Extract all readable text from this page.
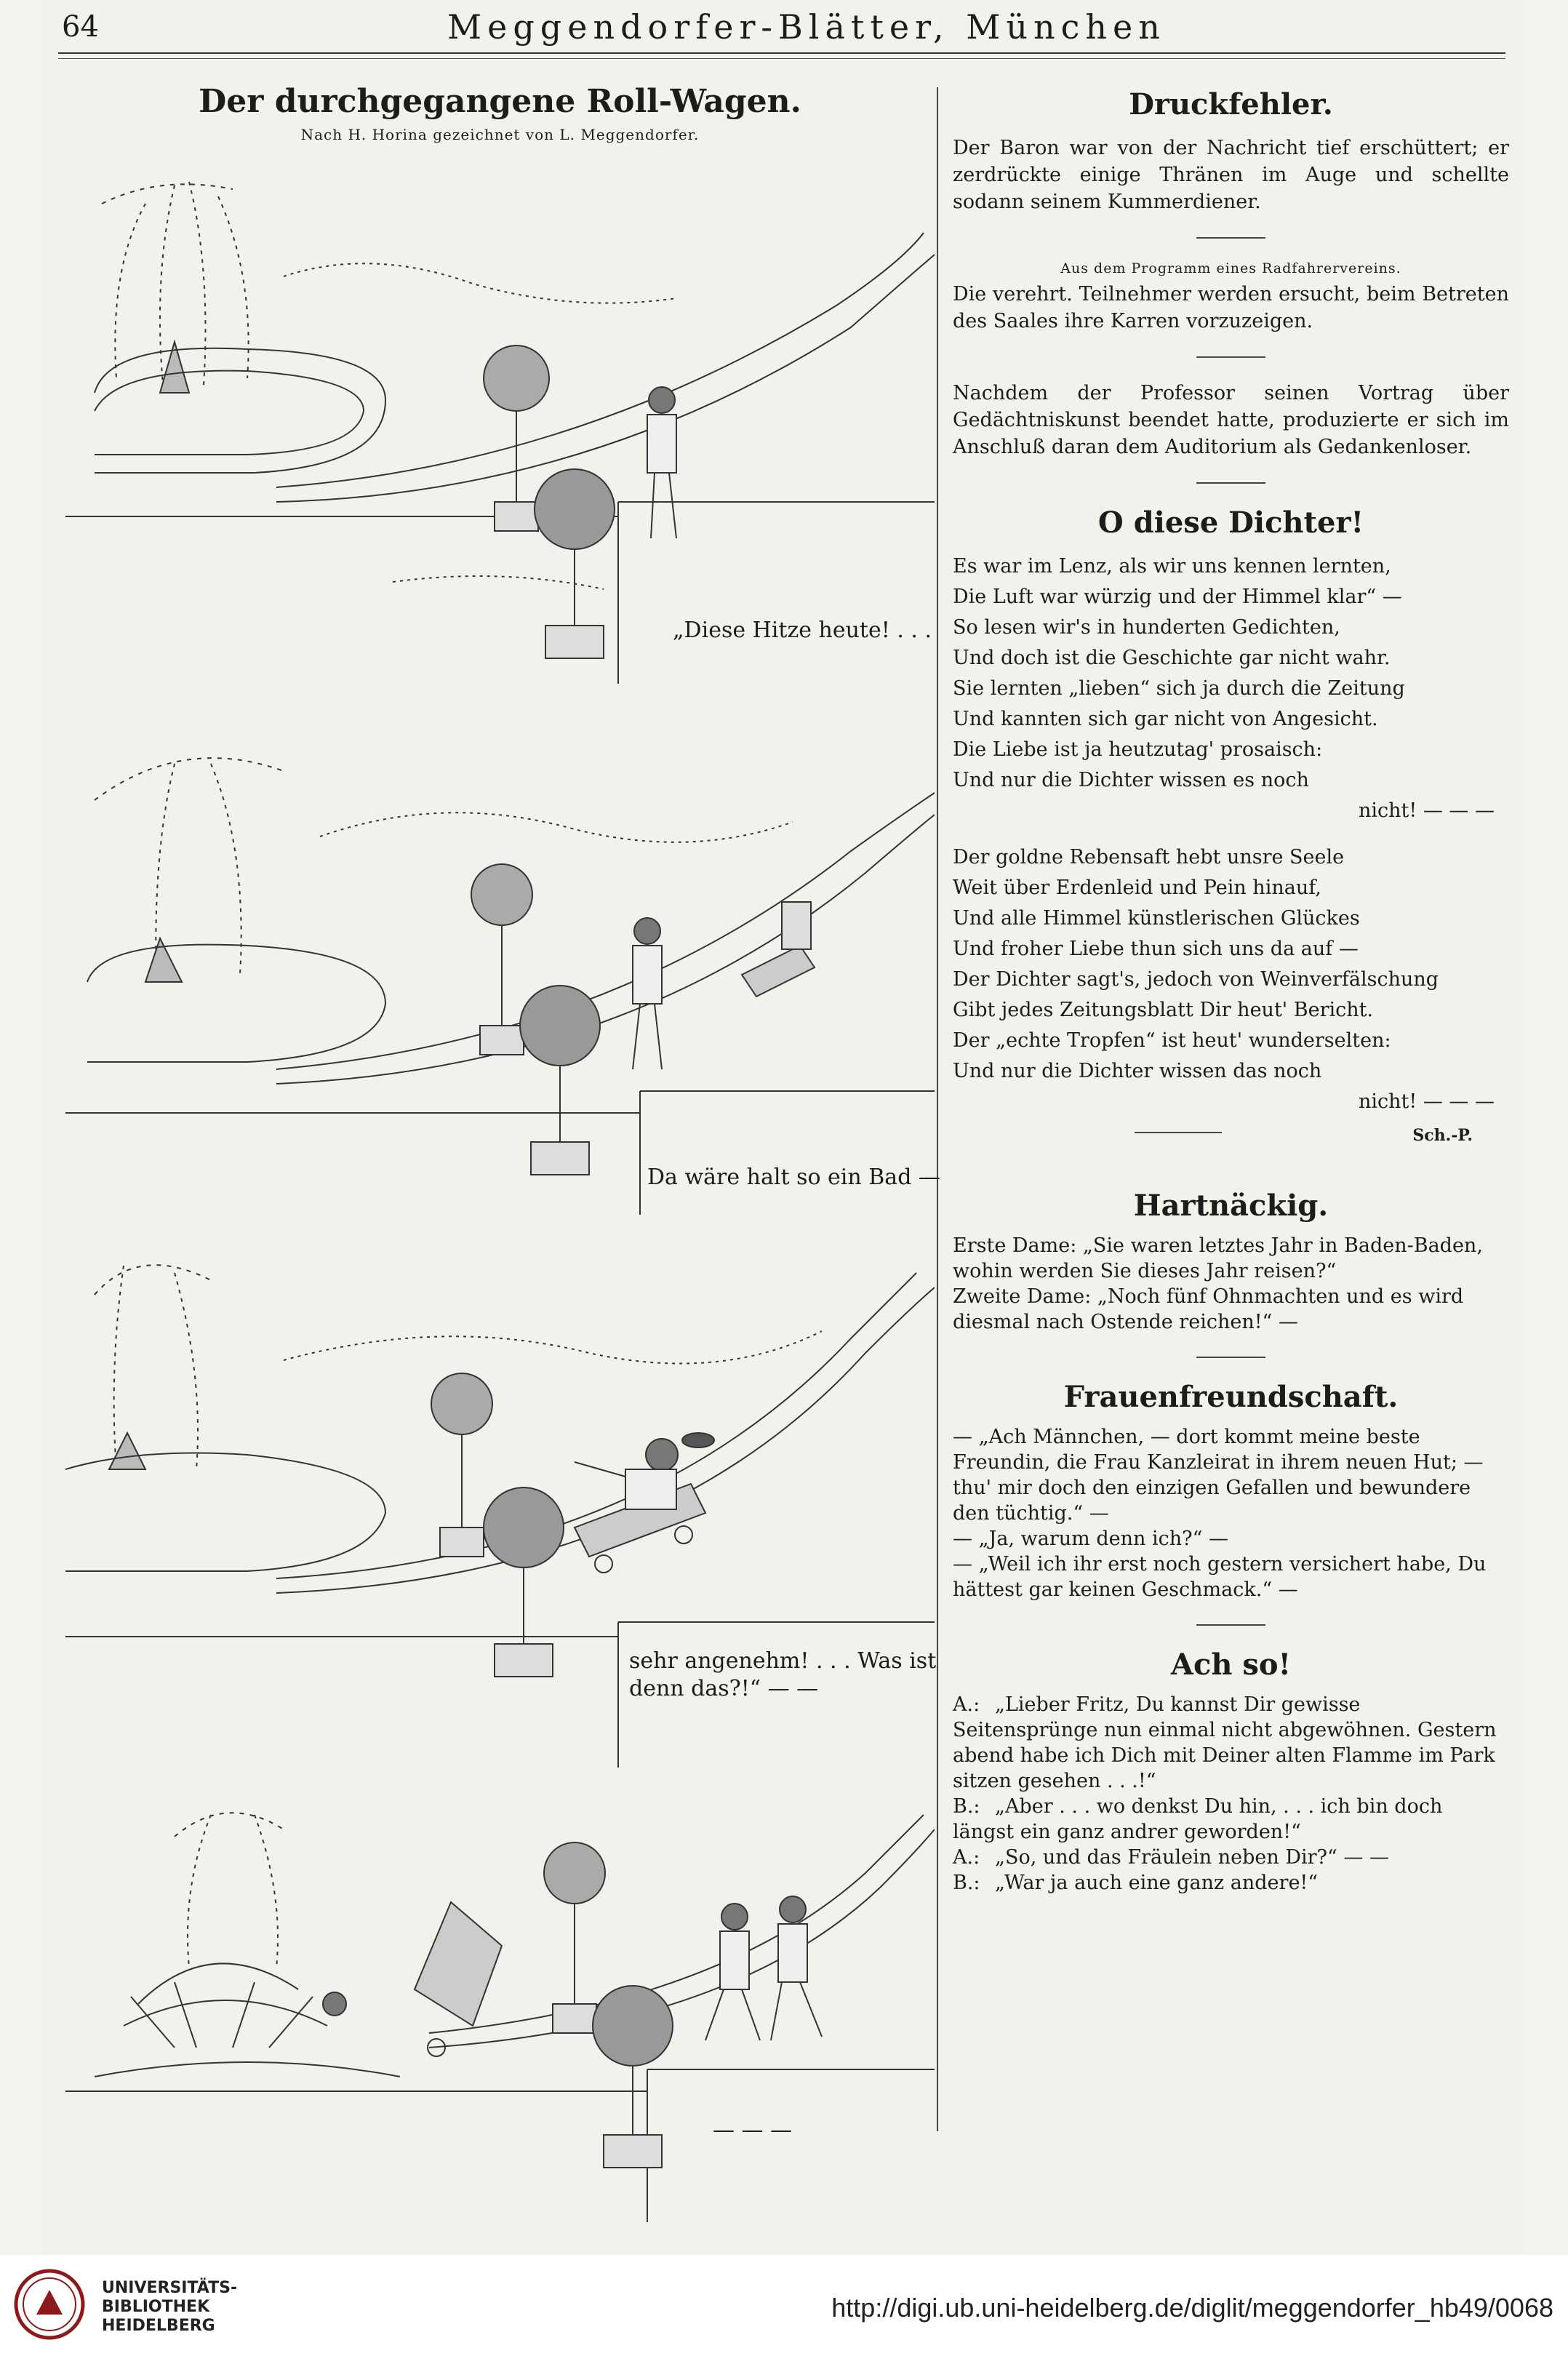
64	Meggendorfer-Blätter, München
Der durchgegangene Roll-Wagen.
Nach H. Horina gezeichnet von L. Meggendorfer.
„Diese Hitze heute! . . .
Da wäre halt so ein Bad —
sehr angenehm! . . . Was ist
denn das?!“ — —
— — —
Druckfehler.

Der Baron war von der Nachricht tief erschüttert; er zerdrückte einige Thränen im Auge und schellte sodann seinem Kummerdiener.

Aus dem Programm eines Radfahrervereins.

Die verehrt. Teilnehmer werden ersucht, beim Betreten des Saales ihre Karren vorzuzeigen.

Nachdem der Professor seinen Vortrag über Gedächtniskunst beendet hatte, produzierte er sich im Anschluß daran dem Auditorium als Gedankenloser.

O diese Dichter!

Es war im Lenz, als wir uns kennen lernten,

Die Luft war würzig und der Himmel klar“ —

So lesen wir's in hunderten Gedichten,

Und doch ist die Geschichte gar nicht wahr.

Sie lernten „lieben“ sich ja durch die Zeitung

Und kannten sich gar nicht von Angesicht.

Die Liebe ist ja heutzutag' prosaisch:

Und nur die Dichter wissen es noch

nicht! — — —

Der goldne Rebensaft hebt unsre Seele

Weit über Erdenleid und Pein hinauf,

Und alle Himmel künstlerischen Glückes

Und froher Liebe thun sich uns da auf —

Der Dichter sagt's, jedoch von Weinverfälschung

Gibt jedes Zeitungsblatt Dir heut' Bericht.

Der „echte Tropfen“ ist heut' wunderselten:

Und nur die Dichter wissen das noch

nicht! — — —

Sch.-P.
Hartnäckig.

Erste Dame: „Sie waren letztes Jahr in Baden-Baden, wohin werden Sie dieses Jahr reisen?“

Zweite Dame: „Noch fünf Ohnmachten und es wird diesmal nach Ostende reichen!“ —

Frauenfreundschaft.

— „Ach Männchen, — dort kommt meine beste Freundin, die Frau Kanzleirat in ihrem neuen Hut; — thu' mir doch den einzigen Gefallen und bewundere den tüchtig.“ —

— „Ja, warum denn ich?“ —

— „Weil ich ihr erst noch gestern versichert habe, Du hättest gar keinen Geschmack.“ —

Ach so!

A.: „Lieber Fritz, Du kannst Dir gewisse Seitensprünge nun einmal nicht abgewöhnen. Gestern abend habe ich Dich mit Deiner alten Flamme im Park sitzen gesehen . . .!“

B.: „Aber . . . wo denkst Du hin, . . . ich bin doch längst ein ganz andrer geworden!“

A.: „So, und das Fräulein neben Dir?“ — —

B.: „War ja auch eine ganz andere!“

UNIVERSITÄTS-
BIBLIOTHEK
HEIDELBERG
http://digi.ub.uni-heidelberg.de/diglit/meggendorfer_hb49/0068
